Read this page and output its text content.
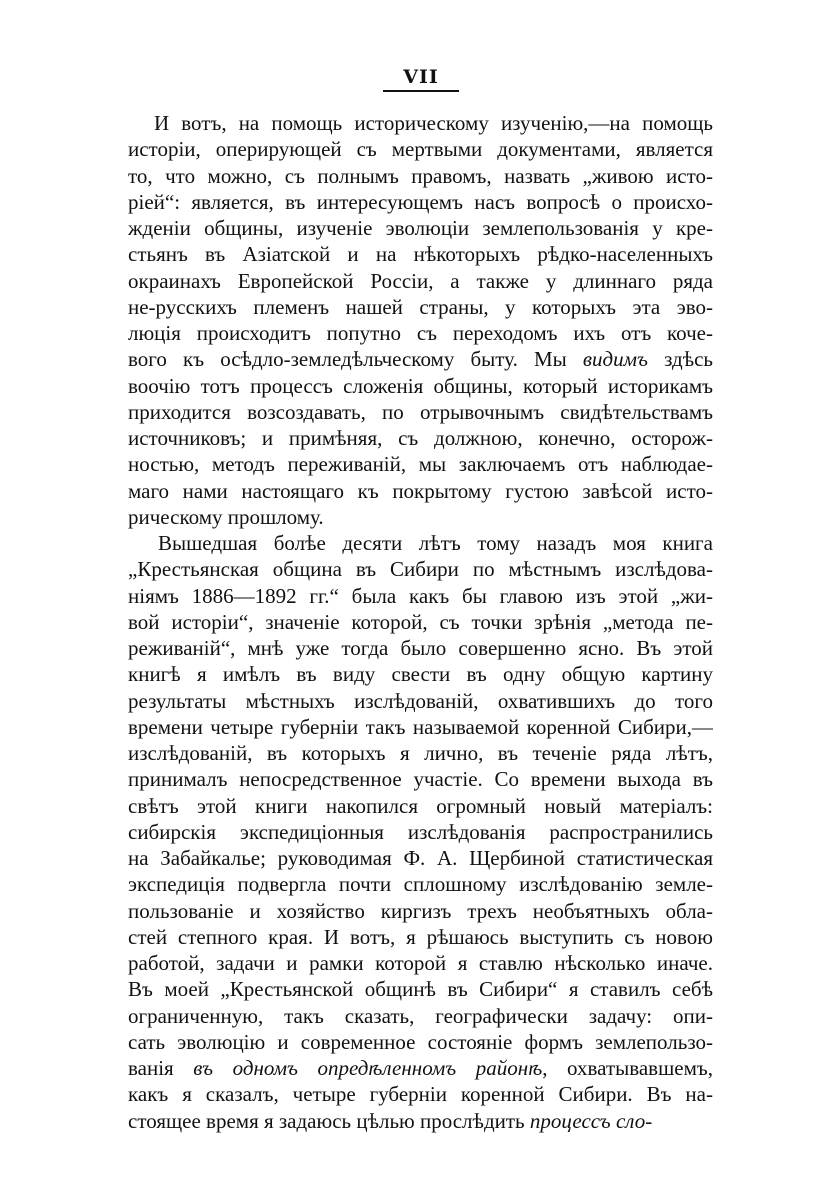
VII
И вотъ, на помощь историческому изученію,—на помощь
исторіи, оперирующей съ мертвыми документами, является
то, что можно, съ полнымъ правомъ, назвать „живою исто-
ріей“: является, въ интересующемъ насъ вопросѣ о происхо-
жденіи общины, изученіе эволюціи землепользованія у кре-
стьянъ въ Азіатской и на нѣкоторыхъ рѣдко-населенныхъ
окраинахъ Европейской Россіи, а также у длиннаго ряда
не-русскихъ племенъ нашей страны, у которыхъ эта эво-
люція происходитъ попутно съ переходомъ ихъ отъ коче-
вого къ осѣдло-земледѣльческому быту. Мы видимъ здѣсь
воочію тотъ процессъ сложенія общины, который историкамъ
приходится возсоздавать, по отрывочнымъ свидѣтельствамъ
источниковъ; и примѣняя, съ должною, конечно, осторож-
ностью, методъ переживаній, мы заключаемъ отъ наблюдае-
маго нами настоящаго къ покрытому густою завѣсой исто-
рическому прошлому.
Вышедшая болѣе десяти лѣтъ тому назадъ моя книга
„Крестьянская община въ Сибири по мѣстнымъ изслѣдова-
ніямъ 1886—1892 гг.“ была какъ бы главою изъ этой „жи-
вой исторіи“, значеніе которой, съ точки зрѣнія „метода пе-
реживаній“, мнѣ уже тогда было совершенно ясно. Въ этой
книгѣ я имѣлъ въ виду свести въ одну общую картину
результаты мѣстныхъ изслѣдованій, охватившихъ до того
времени четыре губерніи такъ называемой коренной Сибири,—
изслѣдованій, въ которыхъ я лично, въ теченіе ряда лѣтъ,
принималъ непосредственное участіе. Со времени выхода въ
свѣтъ этой книги накопился огромный новый матеріалъ:
сибирскія экспедиціонныя изслѣдованія распространились
на Забайкалье; руководимая Ф. А. Щербиной статистическая
экспедиція подвергла почти сплошному изслѣдованію земле-
пользованіе и хозяйство киргизъ трехъ необъятныхъ обла-
стей степного края. И вотъ, я рѣшаюсь выступить съ новою
работой, задачи и рамки которой я ставлю нѣсколько иначе.
Въ моей „Крестьянской общинѣ въ Сибири“ я ставилъ себѣ
ограниченную, такъ сказать, географически задачу: опи-
сать эволюцію и современное состояніе формъ землепользо-
ванія въ одномъ опредѣленномъ районѣ, охватывавшемъ,
какъ я сказалъ, четыре губерніи коренной Сибири. Въ на-
стоящее время я задаюсь цѣлью прослѣдить процессъ сло-
